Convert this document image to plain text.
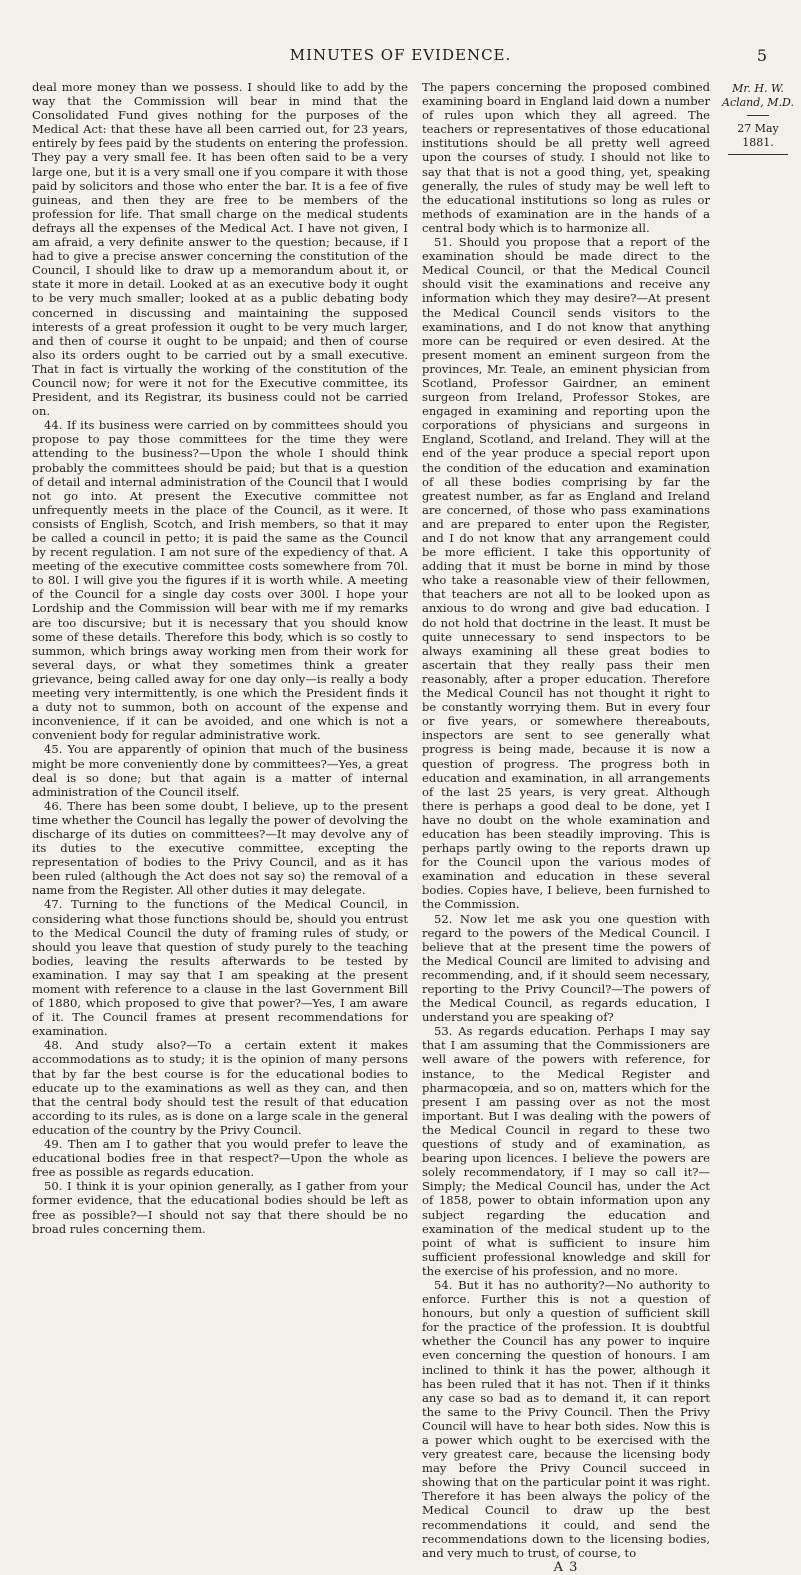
MINUTES OF EVIDENCE.	5

deal more money than we possess. I should like to add by the way that the Commission will bear in mind that the Consolidated Fund gives nothing for the purposes of the Medical Act: that these have all been carried out, for 23 years, entirely by fees paid by the students on entering the profession. They pay a very small fee. It has been often said to be a very large one, but it is a very small one if you compare it with those paid by solicitors and those who enter the bar. It is a fee of five guineas, and then they are free to be members of the profession for life. That small charge on the medical students defrays all the expenses of the Medical Act. I have not given, I am afraid, a very definite answer to the question; because, if I had to give a precise answer concerning the constitution of the Council, I should like to draw up a memorandum about it, or state it more in detail. Looked at as an executive body it ought to be very much smaller; looked at as a public debating body concerned in discussing and maintaining the supposed interests of a great profession it ought to be very much larger, and then of course it ought to be unpaid; and then of course also its orders ought to be carried out by a small executive. That in fact is virtually the working of the constitution of the Council now; for were it not for the Executive committee, its President, and its Registrar, its business could not be carried on.

44. If its business were carried on by committees should you propose to pay those committees for the time they were attending to the business?—Upon the whole I should think probably the committees should be paid; but that is a question of detail and internal administration of the Council that I would not go into. At present the Executive committee not unfrequently meets in the place of the Council, as it were. It consists of English, Scotch, and Irish members, so that it may be called a council in petto; it is paid the same as the Council by recent regulation. I am not sure of the expediency of that. A meeting of the executive committee costs somewhere from 70l. to 80l. I will give you the figures if it is worth while. A meeting of the Council for a single day costs over 300l. I hope your Lordship and the Commission will bear with me if my remarks are too discursive; but it is necessary that you should know some of these details. Therefore this body, which is so costly to summon, which brings away working men from their work for several days, or what they sometimes think a greater grievance, being called away for one day only—is really a body meeting very intermittently, is one which the President finds it a duty not to summon, both on account of the expense and inconvenience, if it can be avoided, and one which is not a convenient body for regular administrative work.

45. You are apparently of opinion that much of the business might be more conveniently done by committees?—Yes, a great deal is so done; but that again is a matter of internal administration of the Council itself.

46. There has been some doubt, I believe, up to the present time whether the Council has legally the power of devolving the discharge of its duties on committees?—It may devolve any of its duties to the executive committee, excepting the representation of bodies to the Privy Council, and as it has been ruled (although the Act does not say so) the removal of a name from the Register. All other duties it may delegate.

47. Turning to the functions of the Medical Council, in considering what those functions should be, should you entrust to the Medical Council the duty of framing rules of study, or should you leave that question of study purely to the teaching bodies, leaving the results afterwards to be tested by examination. I may say that I am speaking at the present moment with reference to a clause in the last Government Bill of 1880, which proposed to give that power?—Yes, I am aware of it. The Council frames at present recommendations for examination.

48. And study also?—To a certain extent it makes accommodations as to study; it is the opinion of many persons that by far the best course is for the educational bodies to educate up to the examinations as well as they can, and then that the central body should test the result of that education according to its rules, as is done on a large scale in the general education of the country by the Privy Council.

49. Then am I to gather that you would prefer to leave the educational bodies free in that respect?—Upon the whole as free as possible as regards education.

50. I think it is your opinion generally, as I gather from your former evidence, that the educational bodies should be left as free as possible?—I should not say that there should be no broad rules concerning them.

The papers concerning the proposed combined examining board in England laid down a number of rules upon which they all agreed. The teachers or representatives of those educational institutions should be all pretty well agreed upon the courses of study. I should not like to say that that is not a good thing, yet, speaking generally, the rules of study may be well left to the educational institutions so long as rules or methods of examination are in the hands of a central body which is to harmonize all.

51. Should you propose that a report of the examination should be made direct to the Medical Council, or that the Medical Council should visit the examinations and receive any information which they may desire?—At present the Medical Council sends visitors to the examinations, and I do not know that anything more can be required or even desired. At the present moment an eminent surgeon from the provinces, Mr. Teale, an eminent physician from Scotland, Professor Gairdner, an eminent surgeon from Ireland, Professor Stokes, are engaged in examining and reporting upon the corporations of physicians and surgeons in England, Scotland, and Ireland. They will at the end of the year produce a special report upon the condition of the education and examination of all these bodies comprising by far the greatest number, as far as England and Ireland are concerned, of those who pass examinations and are prepared to enter upon the Register, and I do not know that any arrangement could be more efficient. I take this opportunity of adding that it must be borne in mind by those who take a reasonable view of their fellowmen, that teachers are not all to be looked upon as anxious to do wrong and give bad education. I do not hold that doctrine in the least. It must be quite unnecessary to send inspectors to be always examining all these great bodies to ascertain that they really pass their men reasonably, after a proper education. Therefore the Medical Council has not thought it right to be constantly worrying them. But in every four or five years, or somewhere thereabouts, inspectors are sent to see generally what progress is being made, because it is now a question of progress. The progress both in education and examination, in all arrangements of the last 25 years, is very great. Although there is perhaps a good deal to be done, yet I have no doubt on the whole examination and education has been steadily improving. This is perhaps partly owing to the reports drawn up for the Council upon the various modes of examination and education in these several bodies. Copies have, I believe, been furnished to the Commission.

52. Now let me ask you one question with regard to the powers of the Medical Council. I believe that at the present time the powers of the Medical Council are limited to advising and recommending, and, if it should seem necessary, reporting to the Privy Council?—The powers of the Medical Council, as regards education, I understand you are speaking of?

53. As regards education. Perhaps I may say that I am assuming that the Commissioners are well aware of the powers with reference, for instance, to the Medical Register and pharmacopœia, and so on, matters which for the present I am passing over as not the most important. But I was dealing with the powers of the Medical Council in regard to these two questions of study and of examination, as bearing upon licences. I believe the powers are solely recommendatory, if I may so call it?—Simply; the Medical Council has, under the Act of 1858, power to obtain information upon any subject regarding the education and examination of the medical student up to the point of what is sufficient to insure him sufficient professional knowledge and skill for the exercise of his profession, and no more.

54. But it has no authority?—No authority to enforce. Further this is not a question of honours, but only a question of sufficient skill for the practice of the profession. It is doubtful whether the Council has any power to inquire even concerning the question of honours. I am inclined to think it has the power, although it has been ruled that it has not. Then if it thinks any case so bad as to demand it, it can report the same to the Privy Council. Then the Privy Council will have to hear both sides. Now this is a power which ought to be exercised with the very greatest care, because the licensing body may before the Privy Council succeed in showing that on the particular point it was right. Therefore it has been always the policy of the Medical Council to draw up the best recommendations it could, and send the recommendations down to the licensing bodies, and very much to trust, of course, to

A 3
Mr. H. W. Acland, M.D.
27 May 1881.
